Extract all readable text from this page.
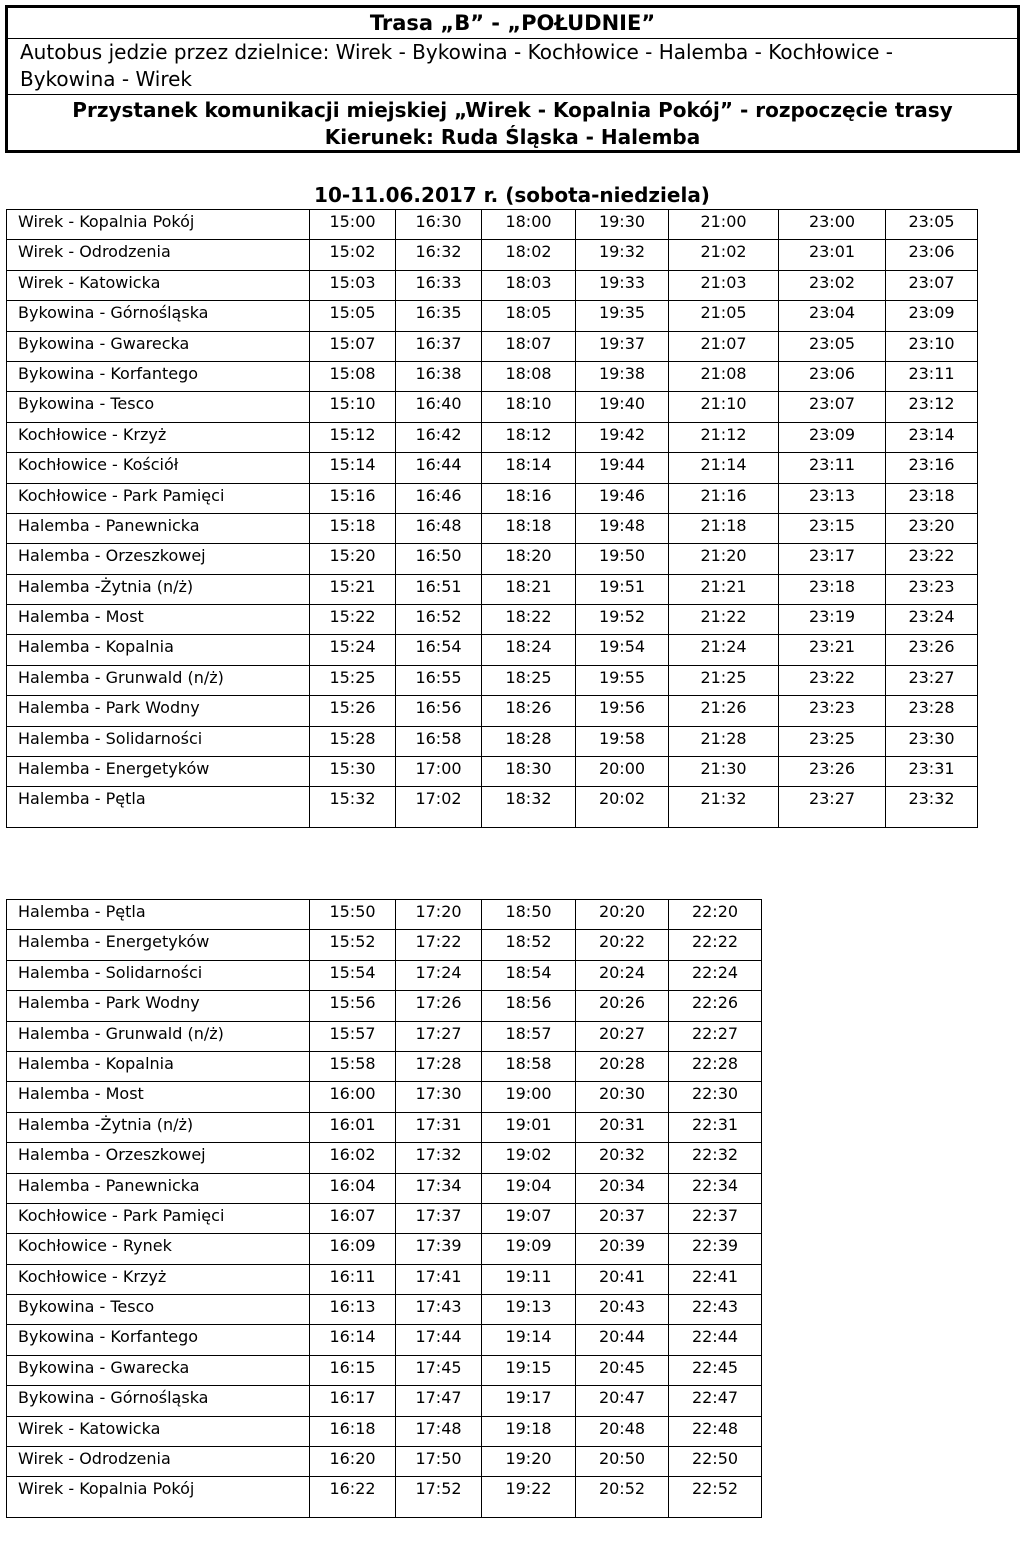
Trasa „B” - „POŁUDNIE”
Autobus jedzie przez dzielnice: Wirek - Bykowina - Kochłowice - Halemba - Kochłowice -
Bykowina - Wirek
Przystanek komunikacji miejskiej „Wirek - Kopalnia Pokój” - rozpoczęcie trasy
Kierunek: Ruda Śląska - Halemba
10-11.06.2017 r. (sobota-niedziela)
Wirek - Kopalnia Pokój	15:00	16:30	18:00	19:30	21:00	23:00	23:05
Wirek - Odrodzenia	15:02	16:32	18:02	19:32	21:02	23:01	23:06
Wirek - Katowicka	15:03	16:33	18:03	19:33	21:03	23:02	23:07
Bykowina - Górnośląska	15:05	16:35	18:05	19:35	21:05	23:04	23:09
Bykowina - Gwarecka	15:07	16:37	18:07	19:37	21:07	23:05	23:10
Bykowina - Korfantego	15:08	16:38	18:08	19:38	21:08	23:06	23:11
Bykowina - Tesco	15:10	16:40	18:10	19:40	21:10	23:07	23:12
Kochłowice - Krzyż	15:12	16:42	18:12	19:42	21:12	23:09	23:14
Kochłowice - Kościół	15:14	16:44	18:14	19:44	21:14	23:11	23:16
Kochłowice - Park Pamięci	15:16	16:46	18:16	19:46	21:16	23:13	23:18
Halemba - Panewnicka	15:18	16:48	18:18	19:48	21:18	23:15	23:20
Halemba - Orzeszkowej	15:20	16:50	18:20	19:50	21:20	23:17	23:22
Halemba -Żytnia (n/ż)	15:21	16:51	18:21	19:51	21:21	23:18	23:23
Halemba - Most	15:22	16:52	18:22	19:52	21:22	23:19	23:24
Halemba - Kopalnia	15:24	16:54	18:24	19:54	21:24	23:21	23:26
Halemba - Grunwald (n/ż)	15:25	16:55	18:25	19:55	21:25	23:22	23:27
Halemba - Park Wodny	15:26	16:56	18:26	19:56	21:26	23:23	23:28
Halemba - Solidarności	15:28	16:58	18:28	19:58	21:28	23:25	23:30
Halemba - Energetyków	15:30	17:00	18:30	20:00	21:30	23:26	23:31
Halemba - Pętla	15:32	17:02	18:32	20:02	21:32	23:27	23:32
Halemba - Pętla	15:50	17:20	18:50	20:20	22:20
Halemba - Energetyków	15:52	17:22	18:52	20:22	22:22
Halemba - Solidarności	15:54	17:24	18:54	20:24	22:24
Halemba - Park Wodny	15:56	17:26	18:56	20:26	22:26
Halemba - Grunwald (n/ż)	15:57	17:27	18:57	20:27	22:27
Halemba - Kopalnia	15:58	17:28	18:58	20:28	22:28
Halemba - Most	16:00	17:30	19:00	20:30	22:30
Halemba -Żytnia (n/ż)	16:01	17:31	19:01	20:31	22:31
Halemba - Orzeszkowej	16:02	17:32	19:02	20:32	22:32
Halemba - Panewnicka	16:04	17:34	19:04	20:34	22:34
Kochłowice - Park Pamięci	16:07	17:37	19:07	20:37	22:37
Kochłowice - Rynek	16:09	17:39	19:09	20:39	22:39
Kochłowice - Krzyż	16:11	17:41	19:11	20:41	22:41
Bykowina - Tesco	16:13	17:43	19:13	20:43	22:43
Bykowina - Korfantego	16:14	17:44	19:14	20:44	22:44
Bykowina - Gwarecka	16:15	17:45	19:15	20:45	22:45
Bykowina - Górnośląska	16:17	17:47	19:17	20:47	22:47
Wirek - Katowicka	16:18	17:48	19:18	20:48	22:48
Wirek - Odrodzenia	16:20	17:50	19:20	20:50	22:50
Wirek - Kopalnia Pokój	16:22	17:52	19:22	20:52	22:52
